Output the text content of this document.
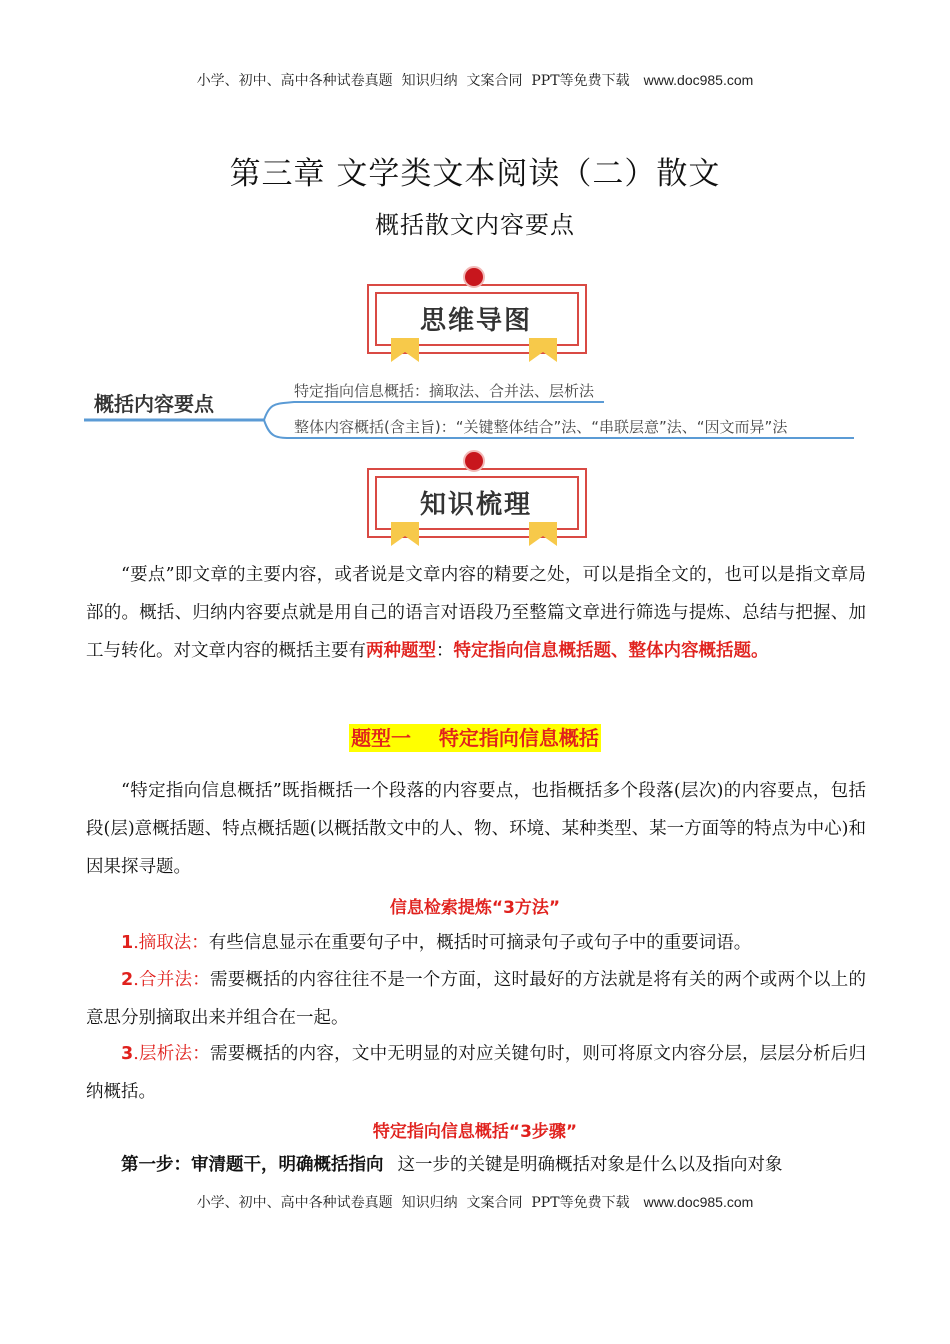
小学、初中、高中各种试卷真题  知识归纳  文案合同  PPT等免费下载 www.doc985.com
第三章 文学类文本阅读（二）散文
概括散文内容要点
思维导图
概括内容要点
特定指向信息概括：摘取法、合并法、层析法
整体内容概括(含主旨)：“关键整体结合”法、“串联层意”法、“因文而异”法
知识梳理
“要点”即文章的主要内容，或者说是文章内容的精要之处，可以是指全文的，也可以是指文章局部的。概括、归纳内容要点就是用自己的语言对语段乃至整篇文章进行筛选与提炼、总结与把握、加工与转化。对文章内容的概括主要有两种题型：特定指向信息概括题、整体内容概括题。
题型一    特定指向信息概括
“特定指向信息概括”既指概括一个段落的内容要点，也指概括多个段落(层次)的内容要点，包括段(层)意概括题、特点概括题(以概括散文中的人、物、环境、某种类型、某一方面等的特点为中心)和因果探寻题。
信息检索提炼“3方法”
1.摘取法：有些信息显示在重要句子中，概括时可摘录句子或句子中的重要词语。
2.合并法：需要概括的内容往往不是一个方面，这时最好的方法就是将有关的两个或两个以上的意思分别摘取出来并组合在一起。
3.层析法：需要概括的内容，文中无明显的对应关键句时，则可将原文内容分层，层层分析后归纳概括。
特定指向信息概括“3步骤”
第一步：审清题干，明确概括指向 这一步的关键是明确概括对象是什么以及指向对象
小学、初中、高中各种试卷真题  知识归纳  文案合同  PPT等免费下载 www.doc985.com
